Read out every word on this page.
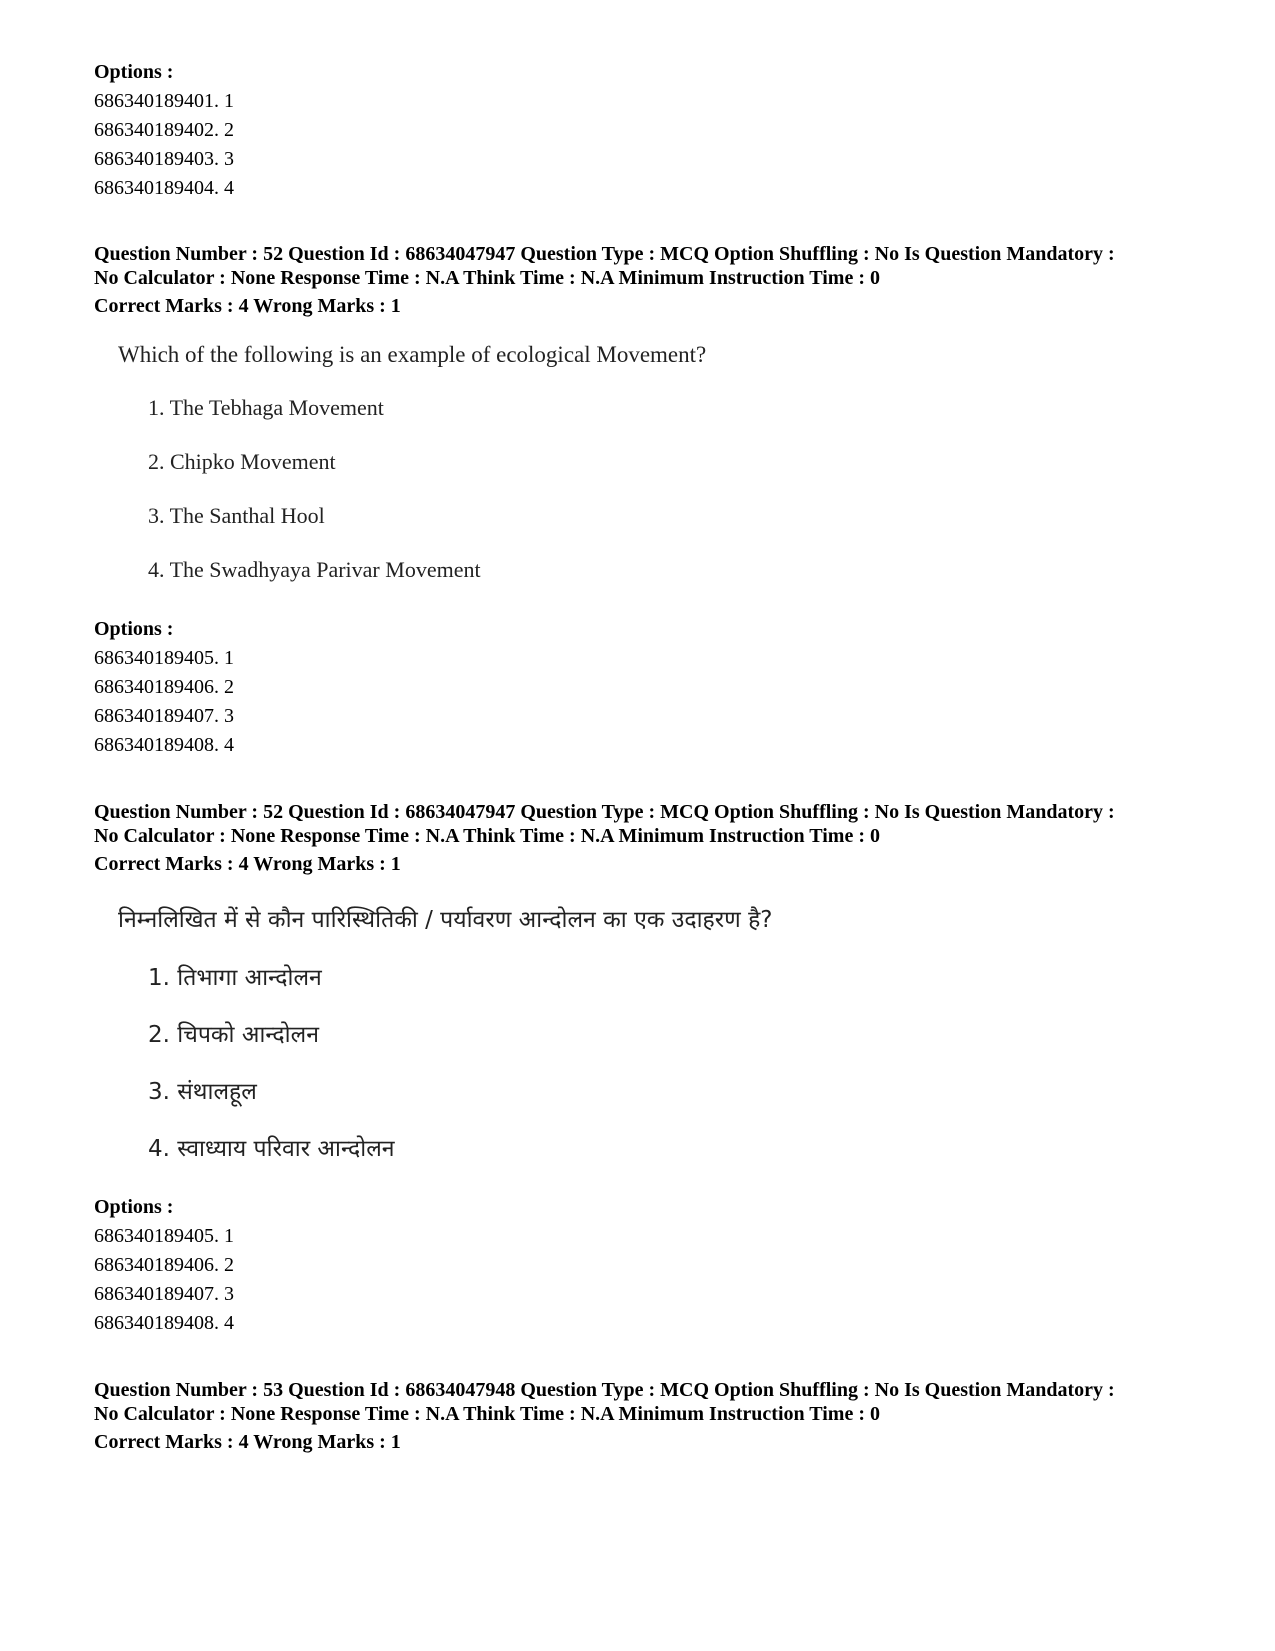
Options :
686340189401. 1
686340189402. 2
686340189403. 3
686340189404. 4
Question Number : 52 Question Id : 68634047947 Question Type : MCQ Option Shuffling : No Is Question Mandatory :
No Calculator : None Response Time : N.A Think Time : N.A Minimum Instruction Time : 0
Correct Marks : 4 Wrong Marks : 1
Which of the following is an example of ecological Movement?
1. The Tebhaga Movement
2. Chipko Movement
3. The Santhal Hool
4. The Swadhyaya Parivar Movement
Options :
686340189405. 1
686340189406. 2
686340189407. 3
686340189408. 4
Question Number : 52 Question Id : 68634047947 Question Type : MCQ Option Shuffling : No Is Question Mandatory :
No Calculator : None Response Time : N.A Think Time : N.A Minimum Instruction Time : 0
Correct Marks : 4 Wrong Marks : 1
निम्नलिखित में से कौन पारिस्थितिकी / पर्यावरण आन्दोलन का एक उदाहरण है?
1. तिभागा आन्दोलन
2. चिपको आन्दोलन
3. संथालहूल
4. स्वाध्याय परिवार आन्दोलन
Options :
686340189405. 1
686340189406. 2
686340189407. 3
686340189408. 4
Question Number : 53 Question Id : 68634047948 Question Type : MCQ Option Shuffling : No Is Question Mandatory :
No Calculator : None Response Time : N.A Think Time : N.A Minimum Instruction Time : 0
Correct Marks : 4 Wrong Marks : 1
